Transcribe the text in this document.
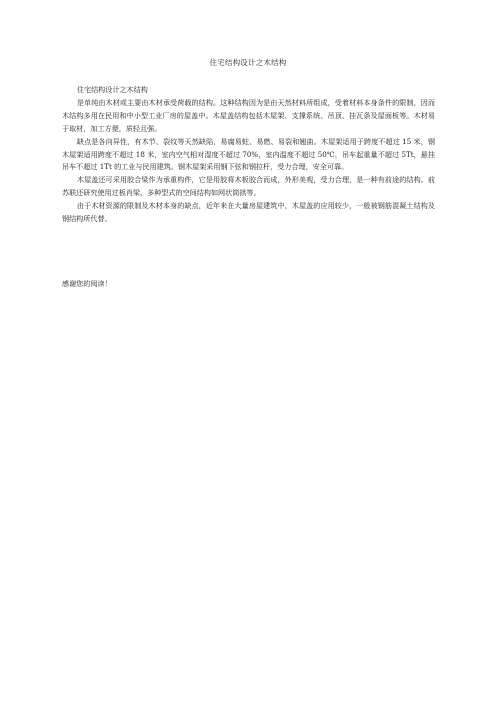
住宅结构设计之木结构

住宅结构设计之木结构

是单纯由木材或主要由木材承受荷载的结构。这种结构因为是由天然材料所组成，受着材料本身条件的限制，因而木结构多用在民用和中小型工业厂房的屋盖中。木屋盖结构包括木屋架、支撑系统、吊顶、挂瓦条及屋面板等。木材易于取材，加工方便，质轻且强。

缺点是各向异性，有木节、裂纹等天然缺陷，易腐易蛀、易燃、易裂和翘曲。木屋架适用于跨度不超过 15 米，钢木屋架适用跨度不超过 18 米，室内空气相对湿度不超过 70%，室内温度不超过 50℃，吊车起重量不超过 5Τt，悬挂吊车不超过 1Τt 的工业与民用建筑。钢木屋架采用钢下弦和钢拉杆，受力合理，安全可靠。

木屋盖还可采用胶合梁作为承重构件，它是用胶将木板胶合而成，外形美观，受力合理，是一种有前途的结构。前苏联还研究使用过板肖梁、多种型式的空间结构如网状筒拱等。

由于木材资源的限制及木材本身的缺点，近年来在大量房屋建筑中，木屋盖的应用较少，一般被钢筋混凝土结构及钢结构所代替。

感谢您的阅读！
